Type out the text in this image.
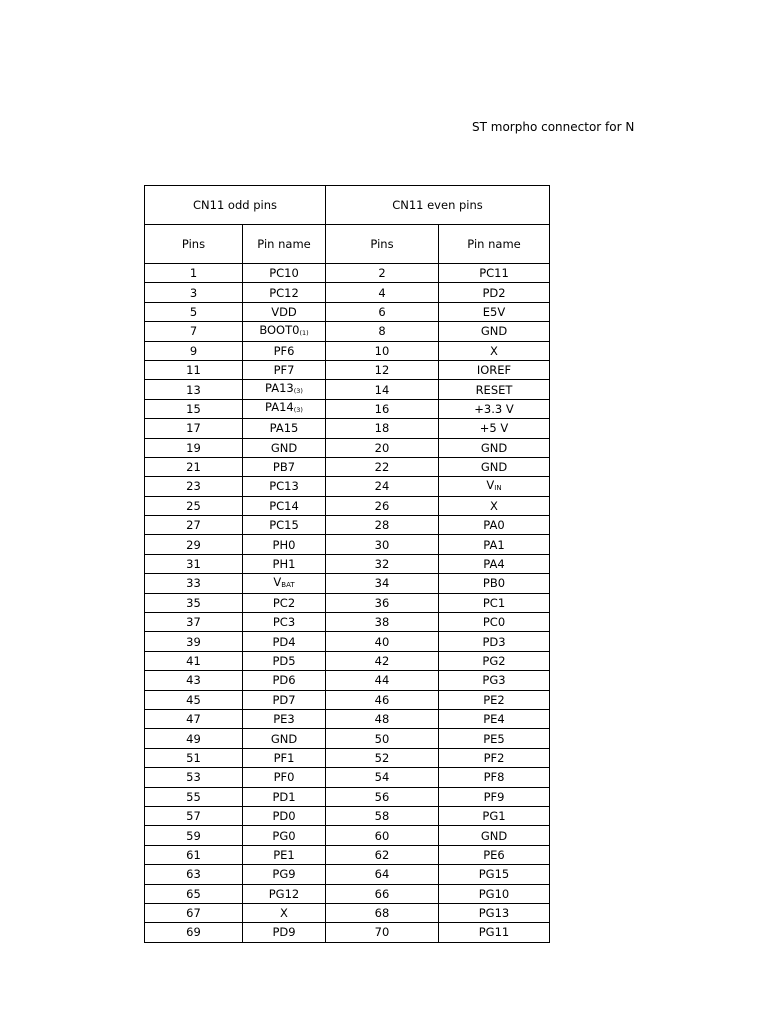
ST morpho connector for N
CN11 odd pins		CN11 even pins	
Pins	Pin name	Pins	Pin name
1	PC10	2	PC11
3	PC12	4	PD2
5	VDD	6	E5V
7	BOOT0(1)	8	GND
9	PF6	10	X
11	PF7	12	IOREF
13	PA13(3)	14	RESET
15	PA14(3)	16	+3.3 V
17	PA15	18	+5 V
19	GND	20	GND
21	PB7	22	GND
23	PC13	24	VIN
25	PC14	26	X
27	PC15	28	PA0
29	PH0	30	PA1
31	PH1	32	PA4
33	VBAT	34	PB0
35	PC2	36	PC1
37	PC3	38	PC0
39	PD4	40	PD3
41	PD5	42	PG2
43	PD6	44	PG3
45	PD7	46	PE2
47	PE3	48	PE4
49	GND	50	PE5
51	PF1	52	PF2
53	PF0	54	PF8
55	PD1	56	PF9
57	PD0	58	PG1
59	PG0	60	GND
61	PE1	62	PE6
63	PG9	64	PG15
65	PG12	66	PG10
67	X	68	PG13
69	PD9	70	PG11
